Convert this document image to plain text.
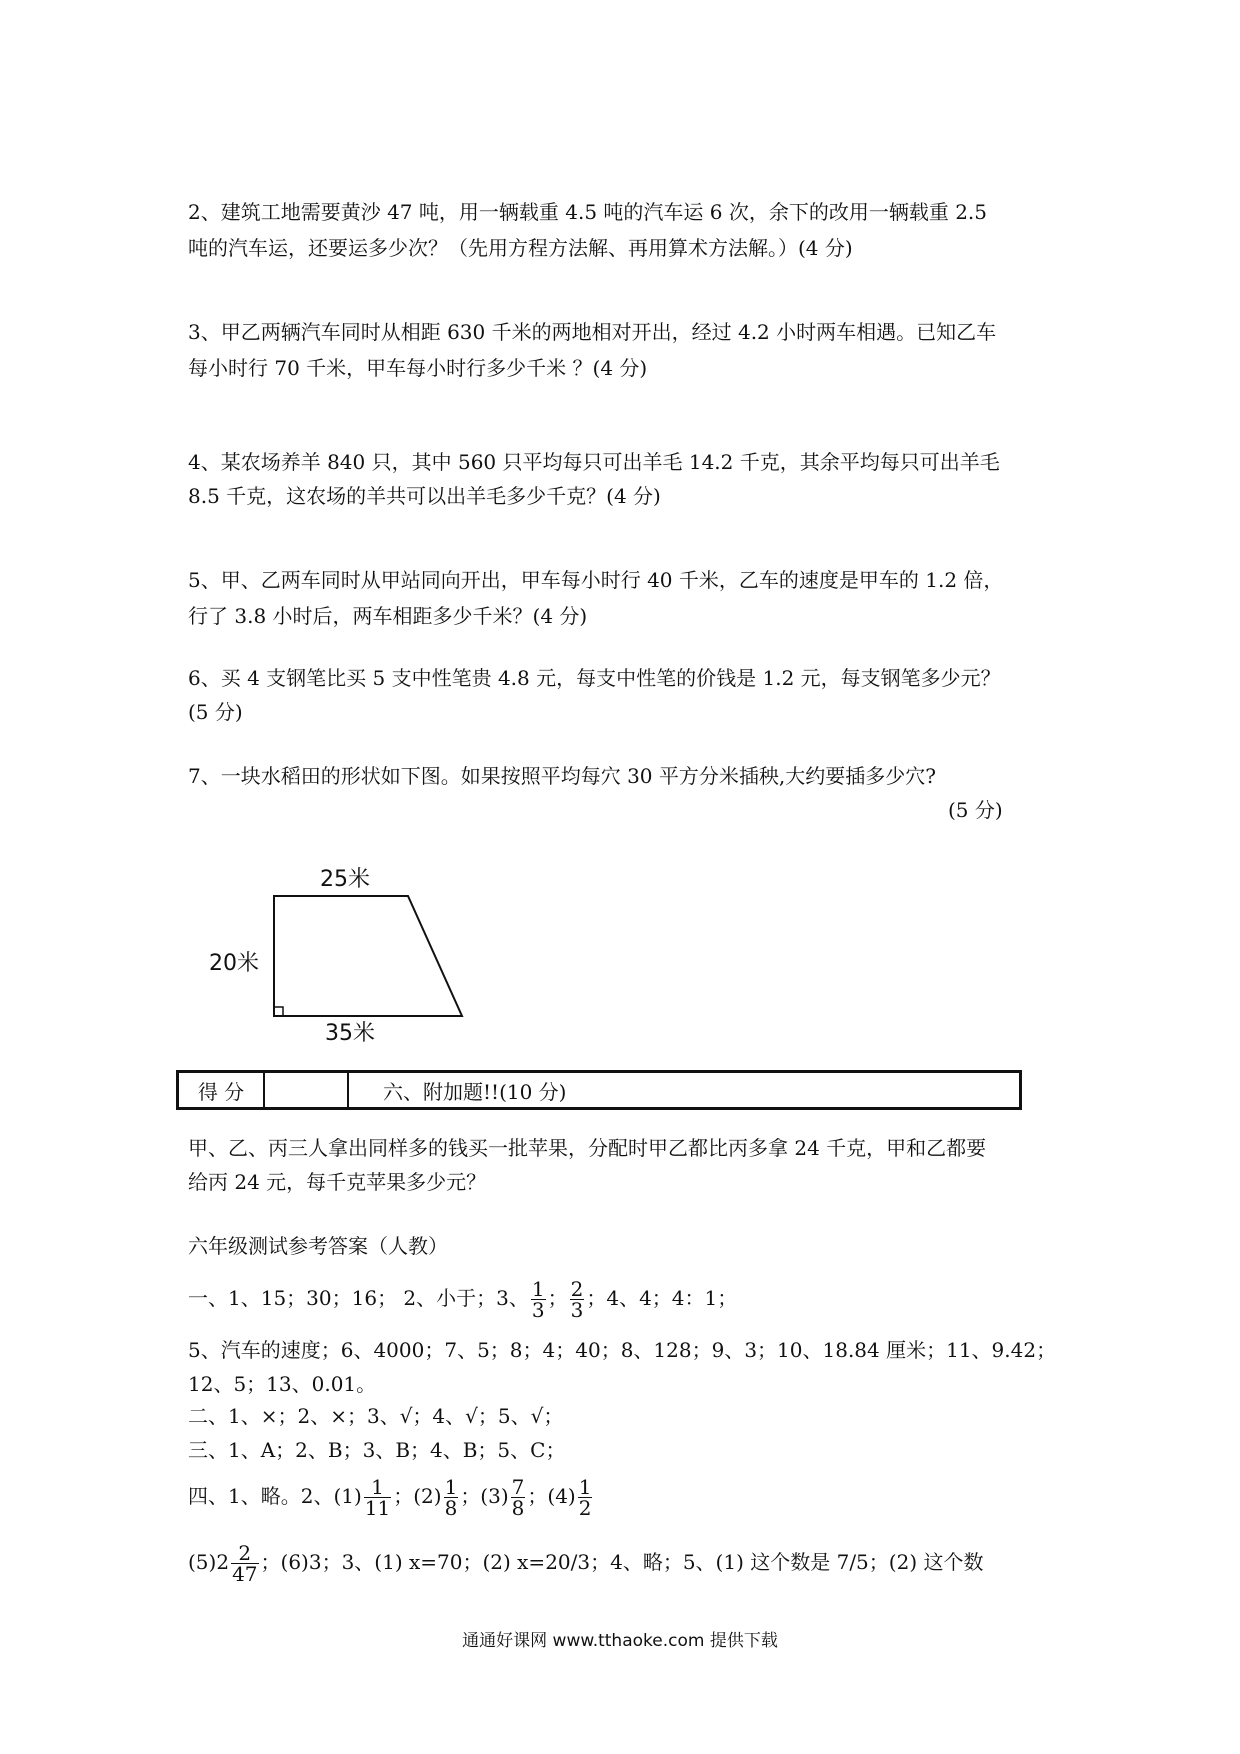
2、建筑工地需要黄沙 47 吨，用一辆载重 4.5 吨的汽车运 6 次，余下的改用一辆载重 2.5
吨的汽车运，还要运多少次？（先用方程方法解、再用算术方法解。）(4 分)
3、甲乙两辆汽车同时从相距 630 千米的两地相对开出，经过 4.2 小时两车相遇。已知乙车
每小时行 70 千米，甲车每小时行多少千米 ？(4 分)
4、某农场养羊 840 只，其中 560 只平均每只可出羊毛 14.2 千克，其余平均每只可出羊毛
8.5 千克，这农场的羊共可以出羊毛多少千克？(4 分)
5、甲、乙两车同时从甲站同向开出，甲车每小时行 40 千米，乙车的速度是甲车的 1.2 倍，
行了 3.8 小时后，两车相距多少千米？(4 分)
6、买 4 支钢笔比买 5 支中性笔贵 4.8 元，每支中性笔的价钱是 1.2 元，每支钢笔多少元？
(5 分)
7、一块水稻田的形状如下图。如果按照平均每穴 30 平方分米插秧,大约要插多少穴?
(5 分)
25米
20米
35米
得 分	六、附加题!!(10 分)
甲、乙、丙三人拿出同样多的钱买一批苹果，分配时甲乙都比丙多拿 24 千克，甲和乙都要
给丙 24 元，每千克苹果多少元？
六年级测试参考答案（人教）
一、1、15；30；16； 2、小于；3、 $\frac{1}{3}$ ； $\frac{2}{3}$ ；4、4；4：1；
5、汽车的速度；6、4000；7、5；8；4；40；8、128；9、3；10、18.84 厘米；11、9.42；
12、5；13、0.01。
二、1、×；2、×；3、√；4、√；5、√；
三、1、A；2、B；3、B；4、B；5、C；
四、1、略。2、$(1) \frac{1}{11}$ ；$(2) \frac{1}{8}$ ；$(3) \frac{7}{8}$ ；$(4) \frac{1}{2}$
$(5)2 \frac{2}{47}$ ；(6)3；3、(1) x=70；(2) x=20/3；4、略；5、(1) 这个数是 7/5；(2) 这个数
通通好课网 www.tthaoke.com 提供下载
